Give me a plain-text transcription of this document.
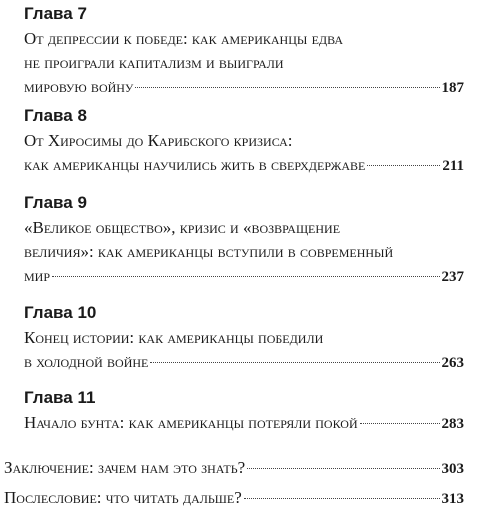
Глава 7
От депрессии к победе: как американцы едва
не проиграли капитализм и выиграли
мировую войну	187
Глава 8
От Хиросимы до Карибского кризиса:
как американцы научились жить в сверхдержаве	211
Глава 9
«Великое общество», кризис и «возвращение
величия»: как американцы вступили в современный
мир	237
Глава 10
Конец истории: как американцы победили
в холодной войне	263
Глава 11
Начало бунта: как американцы потеряли покой	283
Заключение: зачем нам это знать?	303
Послесловие: что читать дальше?	313
